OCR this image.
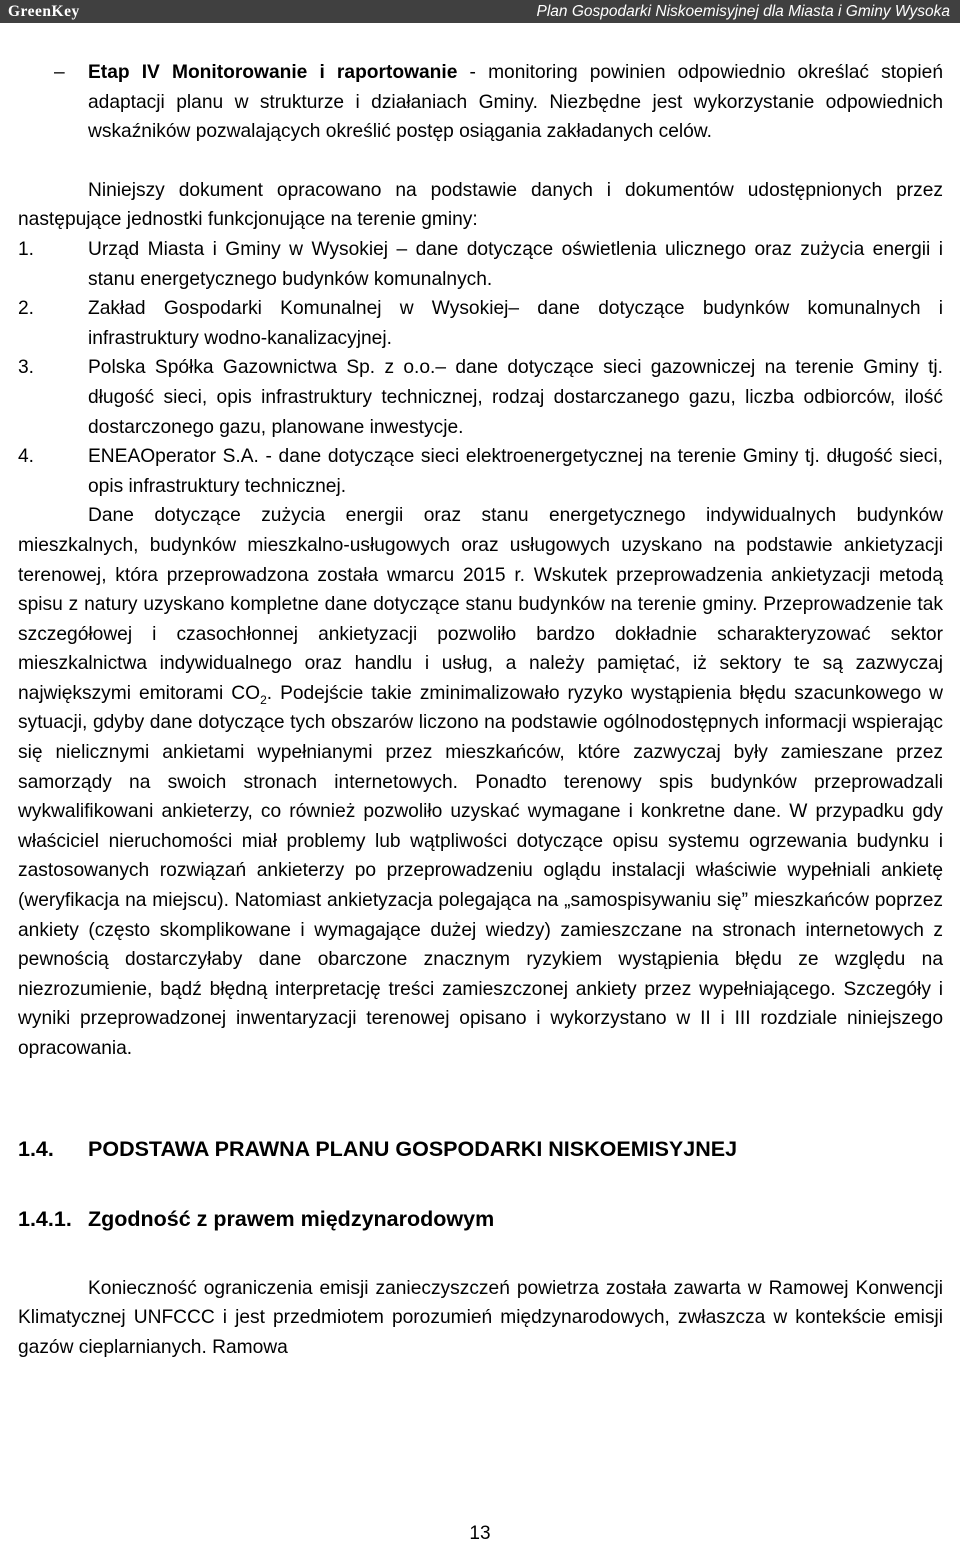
GreenKey	Plan Gospodarki Niskoemisyjnej dla Miasta i Gminy Wysoka
– Etap IV Monitorowanie i raportowanie - monitoring powinien odpowiednio określać stopień adaptacji planu w strukturze i działaniach Gminy. Niezbędne jest wykorzystanie odpowiednich wskaźników pozwalających określić postęp osiągania zakładanych celów.

Niniejszy dokument opracowano na podstawie danych i dokumentów udostępnionych przez następujące jednostki funkcjonujące na terenie gminy:

1.	Urząd Miasta i Gminy w Wysokiej – dane dotyczące oświetlenia ulicznego oraz zużycia energii i stanu energetycznego budynków komunalnych.
2.	Zakład Gospodarki Komunalnej w Wysokiej– dane dotyczące budynków komunalnych i infrastruktury wodno-kanalizacyjnej.
3.	Polska Spółka Gazownictwa Sp. z o.o.– dane dotyczące sieci gazowniczej na terenie Gminy tj. długość sieci, opis infrastruktury technicznej, rodzaj dostarczanego gazu, liczba odbiorców, ilość dostarczonego gazu, planowane inwestycje.
4.	ENEAOperator S.A. - dane dotyczące sieci elektroenergetycznej na terenie Gminy tj. długość sieci, opis infrastruktury technicznej.

Dane dotyczące zużycia energii oraz stanu energetycznego indywidualnych budynków mieszkalnych, budynków mieszkalno-usługowych oraz usługowych uzyskano na podstawie ankietyzacji terenowej, która przeprowadzona została wmarcu 2015 r. Wskutek przeprowadzenia ankietyzacji metodą spisu z natury uzyskano kompletne dane dotyczące stanu budynków na terenie gminy. Przeprowadzenie tak szczegółowej i czasochłonnej ankietyzacji pozwoliło bardzo dokładnie scharakteryzować sektor mieszkalnictwa indywidualnego oraz handlu i usług, a należy pamiętać, iż sektory te są zazwyczaj największymi emitorami $CO_2$. Podejście takie zminimalizowało ryzyko wystąpienia błędu szacunkowego w sytuacji, gdyby dane dotyczące tych obszarów liczono na podstawie ogólnodostępnych informacji wspierając się nielicznymi ankietami wypełnianymi przez mieszkańców, które zazwyczaj były zamieszane przez samorządy na swoich stronach internetowych. Ponadto terenowy spis budynków przeprowadzali wykwalifikowani ankieterzy, co również pozwoliło uzyskać wymagane i konkretne dane. W przypadku gdy właściciel nieruchomości miał problemy lub wątpliwości dotyczące opisu systemu ogrzewania budynku i zastosowanych rozwiązań ankieterzy po przeprowadzeniu oglądu instalacji właściwie wypełniali ankietę (weryfikacja na miejscu). Natomiast ankietyzacja polegająca na „samospisywaniu się” mieszkańców poprzez ankiety (często skomplikowane i wymagające dużej wiedzy) zamieszczane na stronach internetowych z pewnością dostarczyłaby dane obarczone znacznym ryzykiem wystąpienia błędu ze względu na niezrozumienie, bądź błędną interpretację treści zamieszczonej ankiety przez wypełniającego. Szczegóły i wyniki przeprowadzonej inwentaryzacji terenowej opisano i wykorzystano w II i III rozdziale niniejszego opracowania.

1.4. PODSTAWA PRAWNA PLANU GOSPODARKI NISKOEMISYJNEJ
1.4.1. Zgodność z prawem międzynarodowym

Konieczność ograniczenia emisji zanieczyszczeń powietrza została zawarta w Ramowej Konwencji Klimatycznej UNFCCC i jest przedmiotem porozumień międzynarodowych, zwłaszcza w kontekście emisji gazów cieplarnianych. Ramowa

13
